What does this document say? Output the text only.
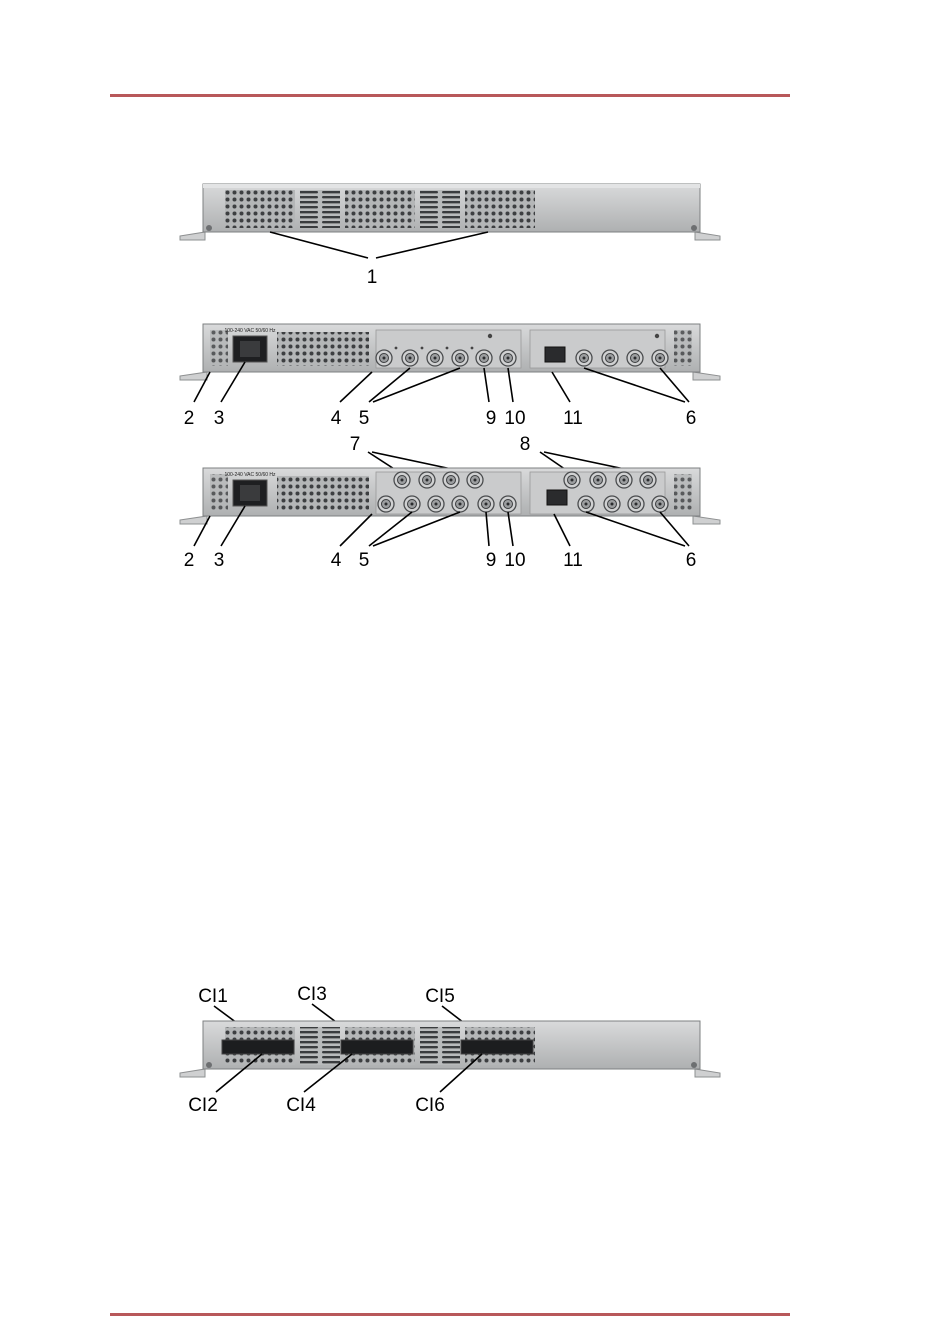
1
100-240 VAC 50/60 Hz
2 3	4 5	9 10 11	6
7	8
100-240 VAC 50/60 Hz
2 3	4 5	9 10 11	6
CI1	CI3	CI5
CI2	CI4	CI6
